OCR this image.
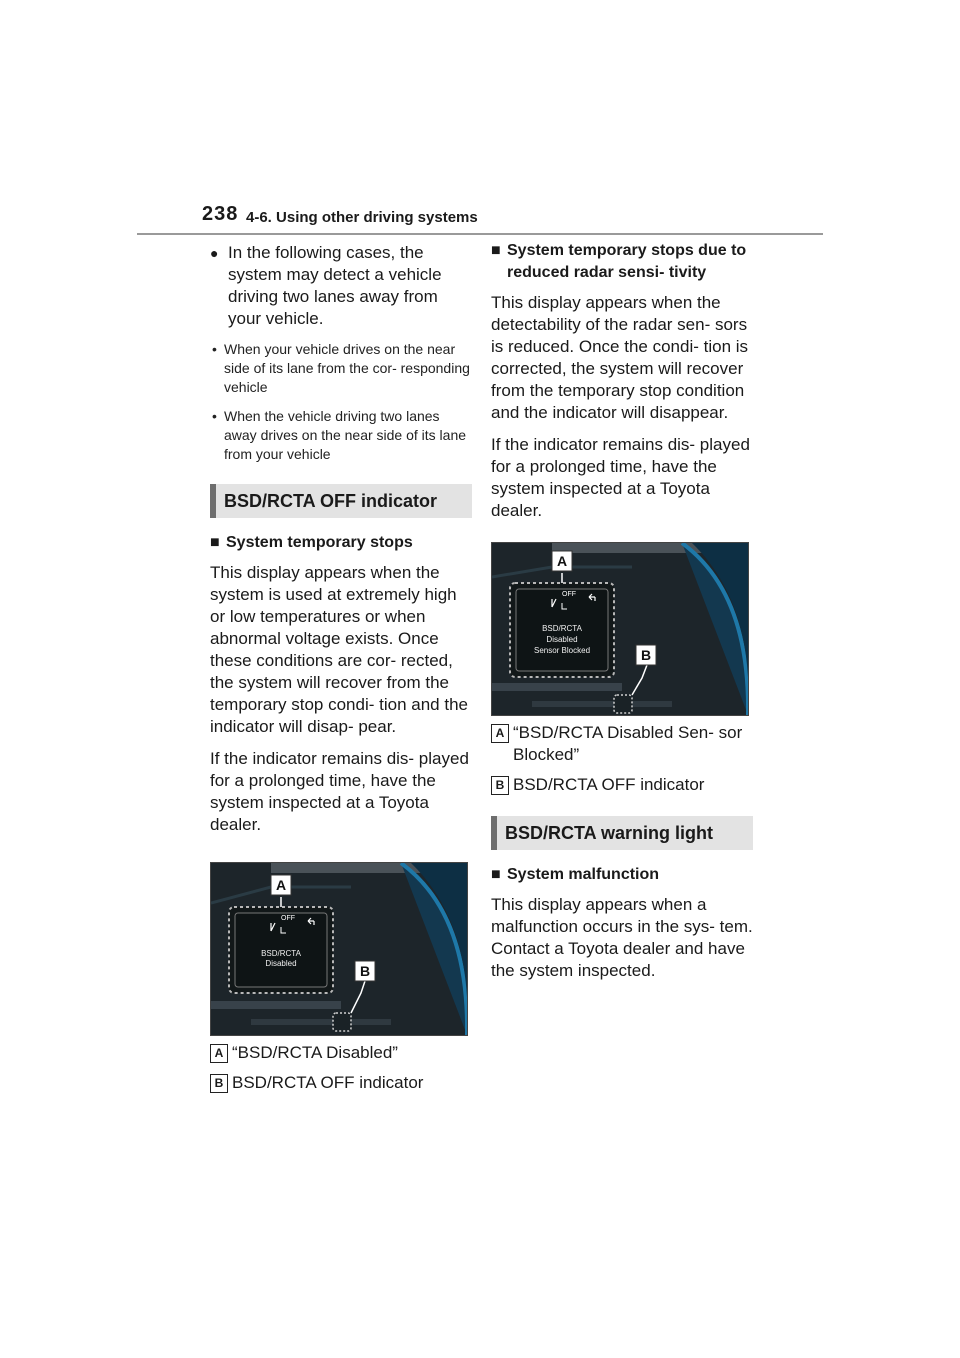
238 4-6. Using other driving systems

● In the following cases, the system may detect a vehicle driving two lanes away from your vehicle.

• When your vehicle drives on the near side of its lane from the cor- responding vehicle

• When the vehicle driving two lanes away drives on the near side of its lane from your vehicle

BSD/RCTA OFF indicator

■ System temporary stops

This display appears when the system is used at extremely high or low temperatures or when abnormal voltage exists. Once these conditions are cor- rected, the system will recover from the temporary stop condi- tion and the indicator will disap- pear.

If the indicator remains dis- played for a prolonged time, have the system inspected at a Toyota dealer.

A
B
OFF
BSD/RCTA
Disabled

A “BSD/RCTA Disabled”

B BSD/RCTA OFF indicator

■ System temporary stops due to reduced radar sensi- tivity

This display appears when the detectability of the radar sen- sors is reduced. Once the condi- tion is corrected, the system will recover from the temporary stop condition and the indicator will disappear.

If the indicator remains dis- played for a prolonged time, have the system inspected at a Toyota dealer.

A
B
OFF
BSD/RCTA
Disabled
Sensor Blocked

A “BSD/RCTA Disabled Sen- sor Blocked”

B BSD/RCTA OFF indicator

BSD/RCTA warning light

■ System malfunction

This display appears when a malfunction occurs in the sys- tem. Contact a Toyota dealer and have the system inspected.
